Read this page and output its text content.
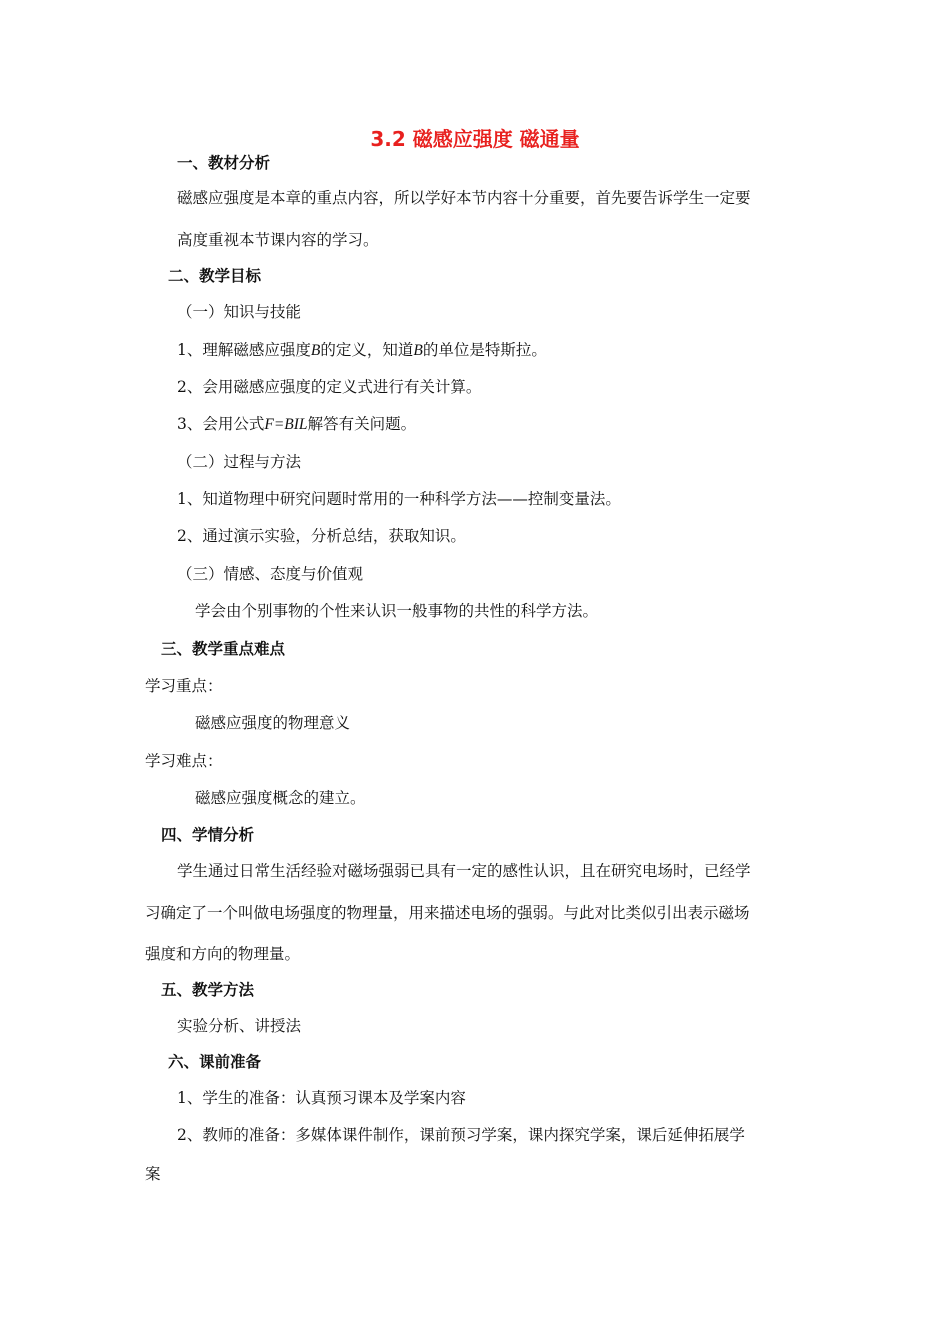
3.2 磁感应强度 磁通量
一、教材分析
磁感应强度是本章的重点内容，所以学好本节内容十分重要，首先要告诉学生一定要
高度重视本节课内容的学习。
二、教学目标
（一）知识与技能
1、理解磁感应强度B的定义，知道B的单位是特斯拉。
2、会用磁感应强度的定义式进行有关计算。
3、会用公式F=BIL解答有关问题。
（二）过程与方法
1、知道物理中研究问题时常用的一种科学方法——控制变量法。
2、通过演示实验，分析总结，获取知识。
（三）情感、态度与价值观
学会由个别事物的个性来认识一般事物的共性的科学方法。
三、教学重点难点
学习重点：
磁感应强度的物理意义
学习难点：
磁感应强度概念的建立。
四、学情分析
学生通过日常生活经验对磁场强弱已具有一定的感性认识，且在研究电场时，已经学
习确定了一个叫做电场强度的物理量，用来描述电场的强弱。与此对比类似引出表示磁场
强度和方向的物理量。
五、教学方法
实验分析、讲授法
六、课前准备
1、学生的准备：认真预习课本及学案内容
2、教师的准备：多媒体课件制作，课前预习学案，课内探究学案，课后延伸拓展学
案
